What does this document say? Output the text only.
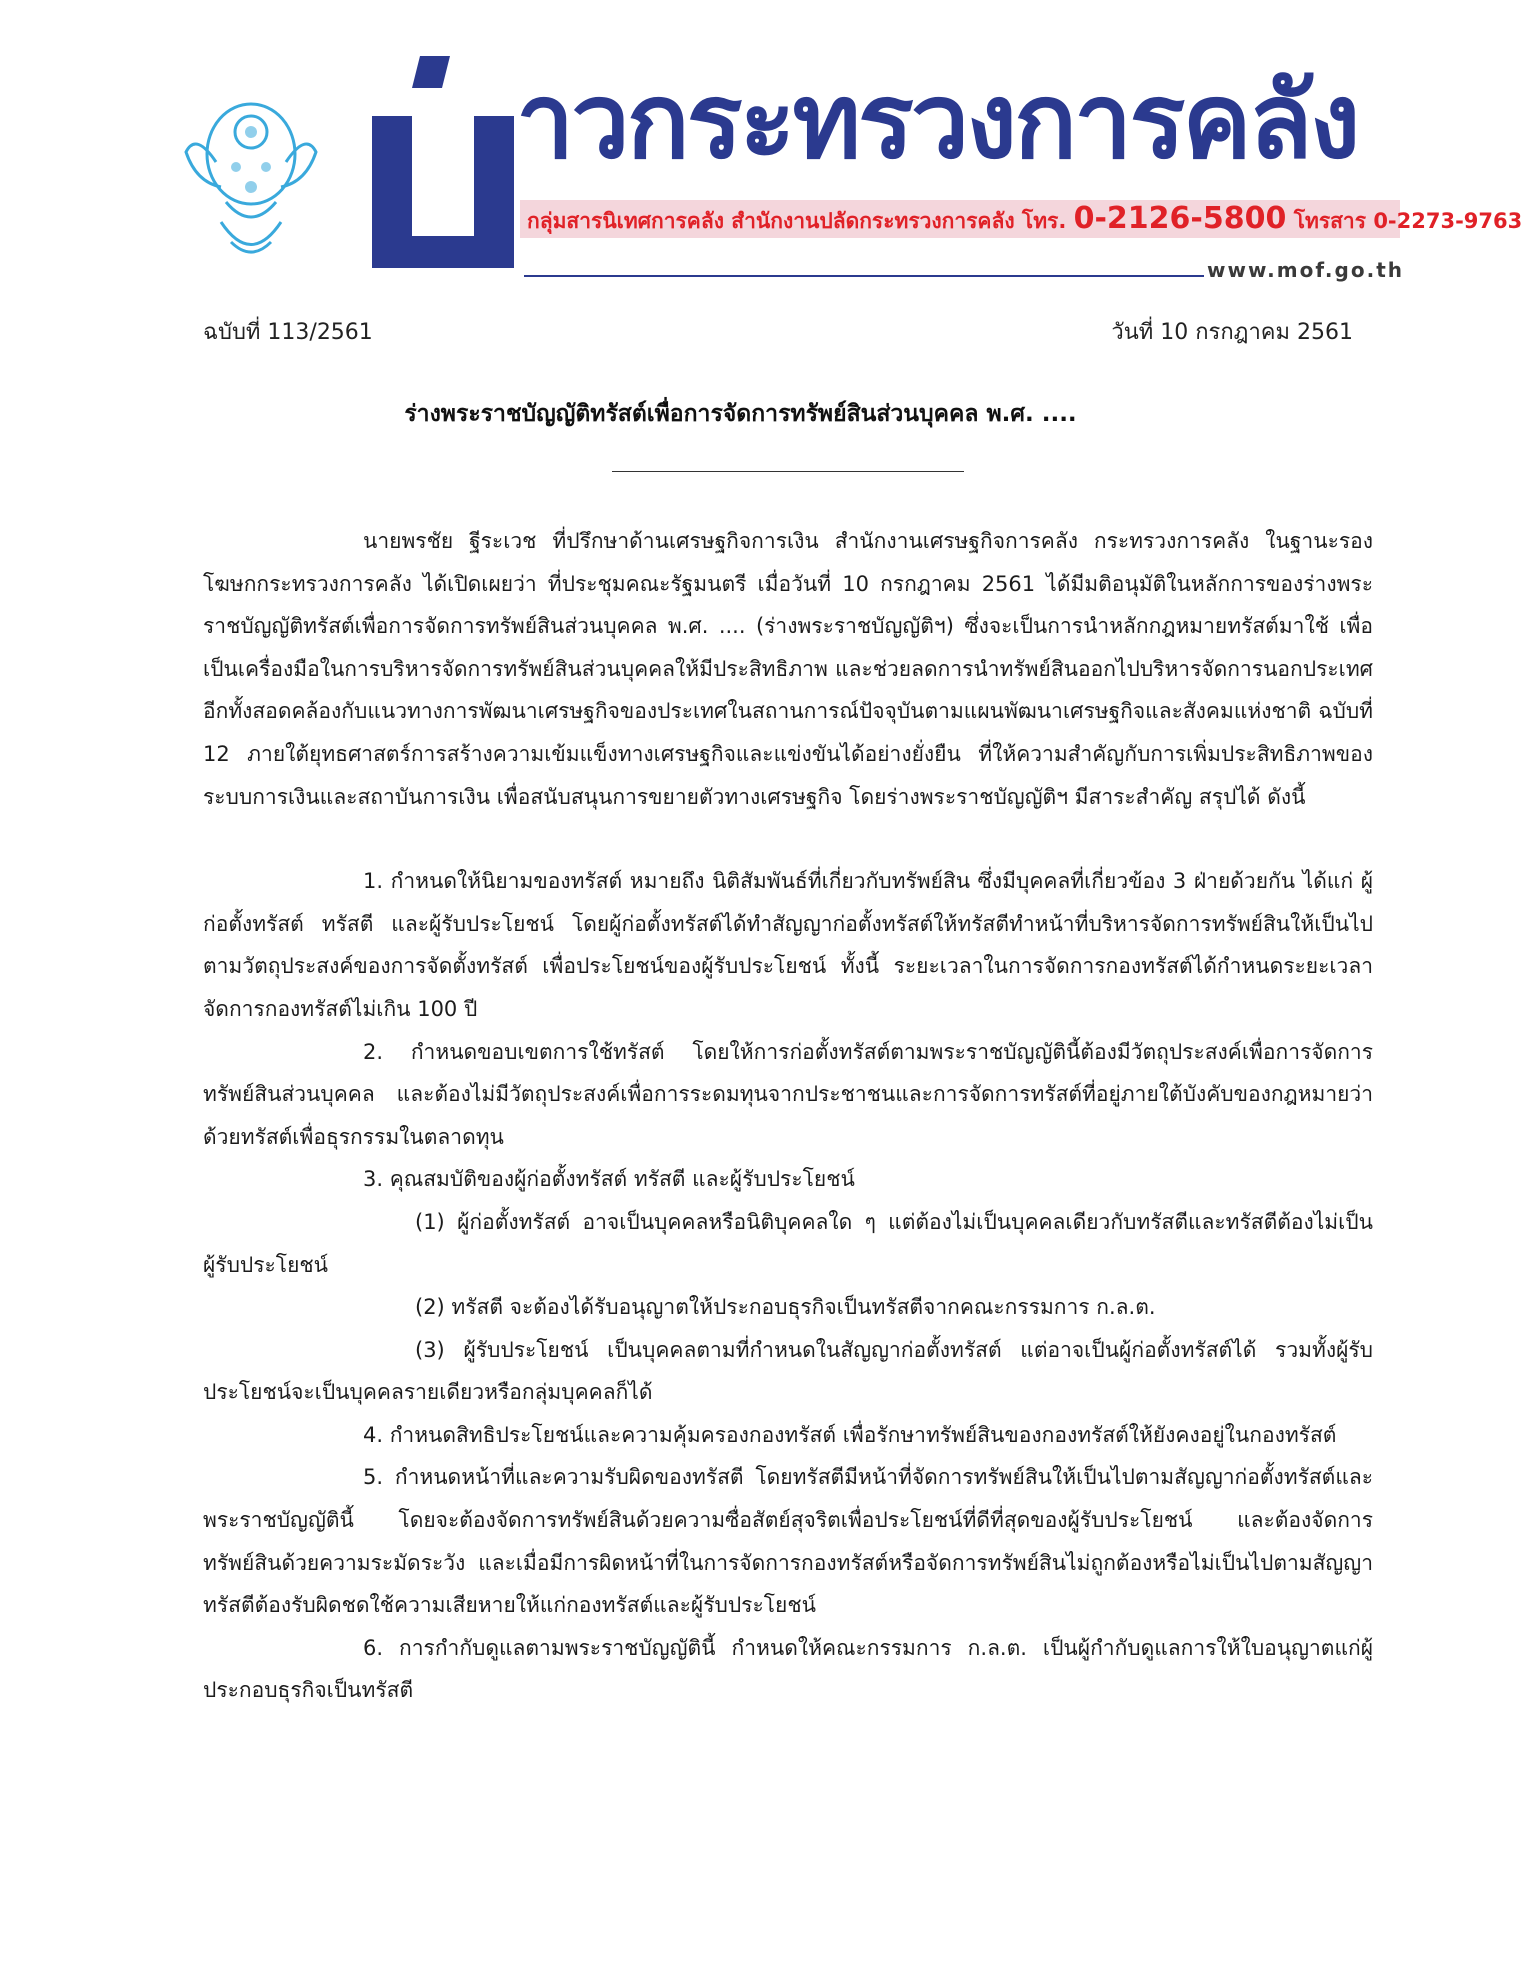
าวกระทรวงการคลัง
กลุ่มสารนิเทศการคลัง สำนักงานปลัดกระทรวงการคลัง โทร. 0-2126-5800 โทรสาร 0-2273-9763
www.mof.go.th
ฉบับที่ 113/2561	วันที่ 10 กรกฎาคม 2561
ร่างพระราชบัญญัติทรัสต์เพื่อการจัดการทรัพย์สินส่วนบุคคล พ.ศ. ....

นายพรชัย ฐีระเวช ที่ปรึกษาด้านเศรษฐกิจการเงิน สำนักงานเศรษฐกิจการคลัง กระทรวงการคลัง ในฐานะรองโฆษกกระทรวงการคลัง ได้เปิดเผยว่า ที่ประชุมคณะรัฐมนตรี เมื่อวันที่ 10 กรกฎาคม 2561 ได้มีมติอนุมัติในหลักการของร่างพระราชบัญญัติทรัสต์เพื่อการจัดการทรัพย์สินส่วนบุคคล พ.ศ. .... (ร่างพระราชบัญญัติฯ) ซึ่งจะเป็นการนำหลักกฎหมายทรัสต์มาใช้ เพื่อเป็นเครื่องมือในการบริหารจัดการทรัพย์สินส่วนบุคคลให้มีประสิทธิภาพ และช่วยลดการนำทรัพย์สินออกไปบริหารจัดการนอกประเทศ อีกทั้งสอดคล้องกับแนวทางการพัฒนาเศรษฐกิจของประเทศในสถานการณ์ปัจจุบันตามแผนพัฒนาเศรษฐกิจและสังคมแห่งชาติ ฉบับที่ 12 ภายใต้ยุทธศาสตร์การสร้างความเข้มแข็งทางเศรษฐกิจและแข่งขันได้อย่างยั่งยืน ที่ให้ความสำคัญกับการเพิ่มประสิทธิภาพของระบบการเงินและสถาบันการเงิน เพื่อสนับสนุนการขยายตัวทางเศรษฐกิจ โดยร่างพระราชบัญญัติฯ มีสาระสำคัญ สรุปได้ ดังนี้

1. กำหนดให้นิยามของทรัสต์ หมายถึง นิติสัมพันธ์ที่เกี่ยวกับทรัพย์สิน ซึ่งมีบุคคลที่เกี่ยวข้อง 3 ฝ่ายด้วยกัน ได้แก่ ผู้ก่อตั้งทรัสต์ ทรัสตี และผู้รับประโยชน์ โดยผู้ก่อตั้งทรัสต์ได้ทำสัญญาก่อตั้งทรัสต์ให้ทรัสตีทำหน้าที่บริหารจัดการทรัพย์สินให้เป็นไปตามวัตถุประสงค์ของการจัดตั้งทรัสต์ เพื่อประโยชน์ของผู้รับประโยชน์ ทั้งนี้ ระยะเวลาในการจัดการกองทรัสต์ได้กำหนดระยะเวลาจัดการกองทรัสต์ไม่เกิน 100 ปี

2. กำหนดขอบเขตการใช้ทรัสต์ โดยให้การก่อตั้งทรัสต์ตามพระราชบัญญัตินี้ต้องมีวัตถุประสงค์เพื่อการจัดการทรัพย์สินส่วนบุคคล และต้องไม่มีวัตถุประสงค์เพื่อการระดมทุนจากประชาชนและการจัดการทรัสต์ที่อยู่ภายใต้บังคับของกฎหมายว่าด้วยทรัสต์เพื่อธุรกรรมในตลาดทุน

3. คุณสมบัติของผู้ก่อตั้งทรัสต์ ทรัสตี และผู้รับประโยชน์

(1) ผู้ก่อตั้งทรัสต์ อาจเป็นบุคคลหรือนิติบุคคลใด ๆ แต่ต้องไม่เป็นบุคคลเดียวกับทรัสตีและทรัสตีต้องไม่เป็นผู้รับประโยชน์

(2) ทรัสตี จะต้องได้รับอนุญาตให้ประกอบธุรกิจเป็นทรัสตีจากคณะกรรมการ ก.ล.ต.

(3) ผู้รับประโยชน์ เป็นบุคคลตามที่กำหนดในสัญญาก่อตั้งทรัสต์ แต่อาจเป็นผู้ก่อตั้งทรัสต์ได้ รวมทั้งผู้รับประโยชน์จะเป็นบุคคลรายเดียวหรือกลุ่มบุคคลก็ได้

4. กำหนดสิทธิประโยชน์และความคุ้มครองกองทรัสต์ เพื่อรักษาทรัพย์สินของกองทรัสต์ให้ยังคงอยู่ในกองทรัสต์

5. กำหนดหน้าที่และความรับผิดของทรัสตี โดยทรัสตีมีหน้าที่จัดการทรัพย์สินให้เป็นไปตามสัญญาก่อตั้งทรัสต์และพระราชบัญญัตินี้ โดยจะต้องจัดการทรัพย์สินด้วยความซื่อสัตย์สุจริตเพื่อประโยชน์ที่ดีที่สุดของผู้รับประโยชน์ และต้องจัดการทรัพย์สินด้วยความระมัดระวัง และเมื่อมีการผิดหน้าที่ในการจัดการกองทรัสต์หรือจัดการทรัพย์สินไม่ถูกต้องหรือไม่เป็นไปตามสัญญา ทรัสตีต้องรับผิดชดใช้ความเสียหายให้แก่กองทรัสต์และผู้รับประโยชน์

6. การกำกับดูแลตามพระราชบัญญัตินี้ กำหนดให้คณะกรรมการ ก.ล.ต. เป็นผู้กำกับดูแลการให้ใบอนุญาตแก่ผู้ประกอบธุรกิจเป็นทรัสตี
